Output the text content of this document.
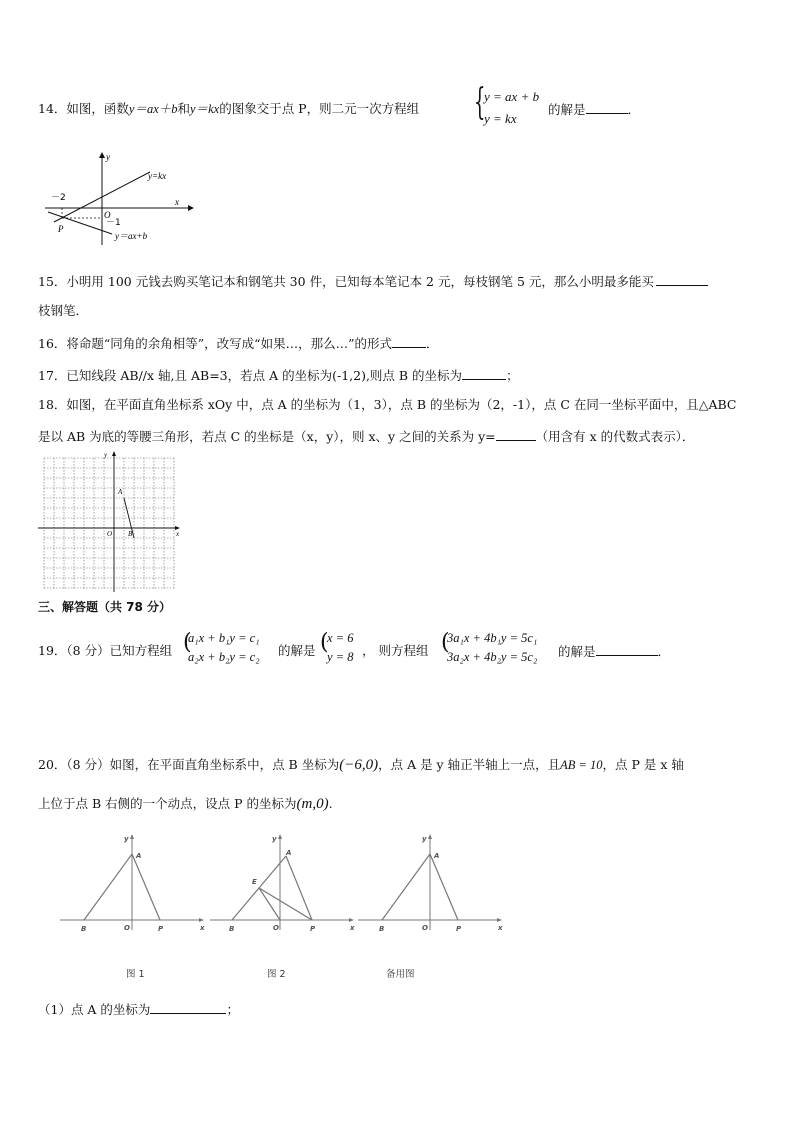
14．如图，函数y＝ax＋b和y＝kx的图象交于点 P，则二元一次方程组 {
y = ax + b
y = kx
的解是	．
y
x
O
－2
－1
P
y=kx
y＝ax+b
15．小明用 100 元钱去购买笔记本和钢笔共 30 件，已知每本笔记本 2 元，每枝钢笔 5 元，那么小明最多能买
枝钢笔．
16．将命题“同角的余角相等”，改写成“如果…，那么…”的形式	．
17．已知线段 AB//x 轴,且 AB=3，若点 A 的坐标为(-1,2),则点 B 的坐标为	；
18．如图，在平面直角坐标系 xOy 中，点 A 的坐标为（1，3），点 B 的坐标为（2，-1），点 C 在同一坐标平面中，且△ABC
是以 AB 为底的等腰三角形，若点 C 的坐标是（x，y），则 x、y 之间的关系为 y=	（用含有 x 的代数式表示）．
y
x
A
O B
三、解答题（共 78 分）
19．（8 分）已知方程组 (
a₁x + b₁y = c₁
a₂x + b₂y = c₂ 的解是 (
x = 6
y = 8 ， 则方程组 (
3a₁x + 4b₁y = 5c₁
3a₂x + 4b₂y = 5c₂ 的解是	．
20．（8 分）如图，在平面直角坐标系中，点 B 坐标为(−6,0)，点 A 是 y 轴正半轴上一点，且AB = 10，点 P 是 x 轴
上位于点 B 右侧的一个动点，设点 P 的坐标为(m,0).
y
x
A
B	O	P
图 1
y
x
A
E
B	O	P
图 2
y
x
A
B	O	P
备用图
（1）点 A 的坐标为	；
